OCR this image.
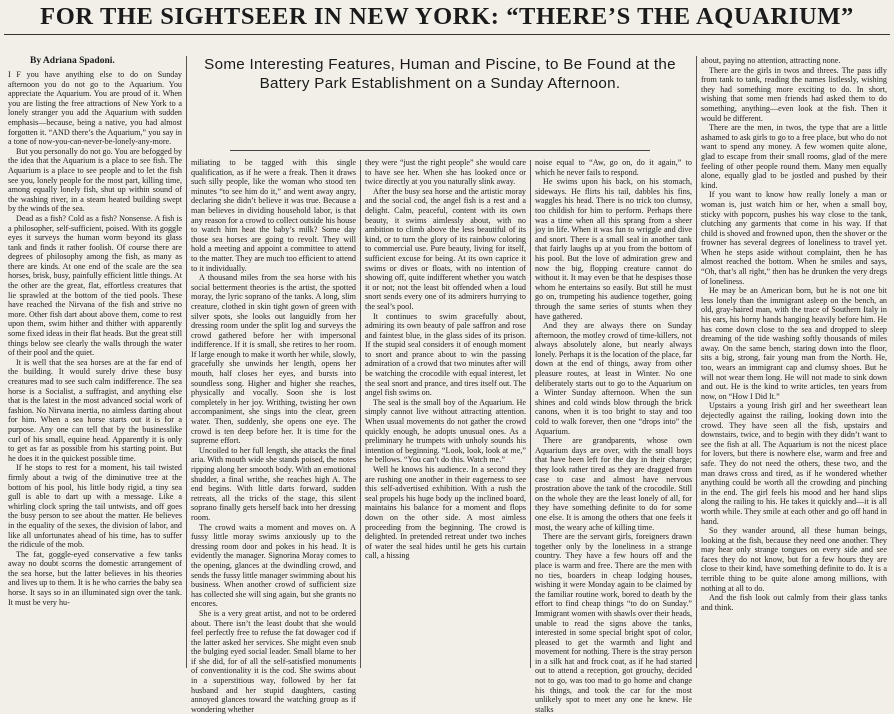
FOR THE SIGHTSEER IN NEW YORK: “THERE’S THE AQUARIUM”
By Adriana Spadoni.	Some Interesting Features, Human and Piscine, to Be Found at the Battery Park Establishment on a Sunday Afternoon.

I F you have anything else to do on Sunday afternoon you do not go to the Aquarium. You appreciate the Aquarium. You are proud of it. When you are listing the free attractions of New York to a lonely stranger you add the Aquarium with sudden emphasis—because, being a native, you had almost forgotten it. “AND there’s the Aquarium,” you say in a tone of now-you-can-never-be-lonely-any-more.

But you personally do not go. You are befogged by the idea that the Aquarium is a place to see fish. The Aquarium is a place to see people and to let the fish see you, lonely people for the most part, killing time, among equally lonely fish, shut up within sound of the washing river, in a steam heated building swept by the winds of the sea.

Dead as a fish? Cold as a fish? Nonsense. A fish is a philosopher, self-sufficient, poised. With its goggle eyes it surveys the human worm beyond its glass tank and finds it rather foolish. Of course there are degrees of philosophy among the fish, as many as there are kinds. At one end of the scale are the sea horses, brisk, busy, painfully efficient little things. At the other are the great, flat, effortless creatures that lie sprawled at the bottom of the tied pools. These have reached the Nirvana of the fish and strive no more. Other fish dart about above them, come to rest upon them, swim hither and thither with apparently some fixed ideas in their flat heads. But the great still things below see clearly the walls through the water of their pool and the quiet.

It is well that the sea horses are at the far end of the building. It would surely drive these busy creatures mad to see such calm indifference. The sea horse is a Socialist, a suffragist, and anything else that is the latest in the most advanced social work of fashion. No Nirvana inertia, no aimless darting about for him. When a sea horse starts out it is for a purpose. Any one can tell that by the businesslike curl of his small, equine head. Apparently it is only to get as far as possible from his starting point. But he does it in the quickest possible time.

If he stops to rest for a moment, his tail twisted firmly about a twig of the diminutive tree at the bottom of his pool, his little body rigid, a tiny sea gull is able to dart up with a message. Like a whirling clock spring the tail untwists, and off goes the busy person to see about the matter. He believes in the equality of the sexes, the division of labor, and like all unfortunates ahead of his time, has to suffer the ridicule of the mob.

The fat, goggle-eyed conservative a few tanks away no doubt scorns the domestic arrangement of the sea horse, but the latter believes in his theories and lives up to them. It is he who carries the baby sea horse. It says so in an illuminated sign over the tank. It must be very hu-

miliating to be tagged with this single qualification, as if he were a freak. Then it draws such silly people, like the woman who stood ten minutes “to see him do it,” and went away angry, declaring she didn’t believe it was true. Because a man believes in dividing household labor, is that any reason for a crowd to collect outside his house to watch him heat the baby’s milk? Some day those sea horses are going to revolt. They will hold a meeting and appoint a committee to attend to the matter. They are much too efficient to attend to it individually.

A thousand miles from the sea horse with his social betterment theories is the artist, the spotted moray, the lyric soprano of the tanks. A long, slim creature, clothed in skin tight gown of green with silver spots, she looks out languidly from her dressing room under the split log and surveys the crowd gathered before her with impersonal indifference. If it is small, she retires to her room. If large enough to make it worth her while, slowly, gracefully she unwinds her length, opens her mouth, half closes her eyes, and bursts into soundless song. Higher and higher she reaches, physically and vocally. Soon she is lost completely in her joy. Writhing, twisting her own accompaniment, she sings into the clear, green water. Then, suddenly, she opens one eye. The crowd is ten deep before her. It is time for the supreme effort.

Uncoiled to her full length, she attacks the final aria. With mouth wide she stands poised, the notes ripping along her smooth body. With an emotional shudder, a final writhe, she reaches high A. The end begins. With little darts forward, sudden retreats, all the tricks of the stage, this silent soprano finally gets herself back into her dressing room.

The crowd waits a moment and moves on. A fussy little moray swims anxiously up to the dressing room door and pokes in his head. It is evidently the manager. Signorina Moray comes to the opening, glances at the dwindling crowd, and sends the fussy little manager swimming about his business. When another crowd of sufficient size has collected she will sing again, but she grants no encores.

She is a very great artist, and not to be ordered about. There isn’t the least doubt that she would feel perfectly free to refuse the fat dowager cod if the latter asked her services. She might even snub the bulging eyed social leader. Small blame to her if she did, for of all the self-satisfied monuments of conventionality it is the cod. She swims about in a superstitious way, followed by her fat husband and her stupid daughters, casting annoyed glances toward the watching group as if wondering whether

they were “just the right people” she would care to have see her. When she has looked once or twice directly at you you naturally slink away.

After the busy sea horse and the artistic moray and the social cod, the angel fish is a rest and a delight. Calm, peaceful, content with its own beauty, it swims aimlessly about, with no ambition to climb above the less beautiful of its kind, or to turn the glory of its rainbow coloring to commercial use. Pure beauty, living for itself, sufficient excuse for being. At its own caprice it swims or dives or floats, with no intention of showing off, quite indifferent whether you watch it or not; not the least bit offended when a loud snort sends every one of its admirers hurrying to the seal’s pool.

It continues to swim gracefully about, admiring its own beauty of pale saffron and rose and faintest blue, in the glass sides of its prison. If the stupid seal considers it of enough moment to snort and prance about to win the passing admiration of a crowd that two minutes after will be watching the crocodile with equal interest, let the seal snort and prance, and tires itself out. The angel fish swims on.

The seal is the small boy of the Aquarium. He simply cannot live without attracting attention. When usual movements do not gather the crowd quickly enough, he adopts unusual ones. As a preliminary he trumpets with unholy sounds his intention of beginning. “Look, look, look at me,” he bellows. “You can’t do this. Watch me.”

Well he knows his audience. In a second they are rushing one another in their eagerness to see this self-advertised exhibition. With a rush the seal propels his huge body up the inclined board, maintains his balance for a moment and flops down on the other side. A most aimless proceeding from the beginning. The crowd is delighted. In pretended retreat under two inches of water the seal hides until he gets his curtain call, a hissing

noise equal to “Aw, go on, do it again,” to which he never fails to respond.

He swims upon his back, on his stomach, sideways. He flirts his tail, dabbles his fins, waggles his head. There is no trick too clumsy, too childish for him to perform. Perhaps there was a time when all this sprang from a sheer joy in life. When it was fun to wriggle and dive and snort. There is a small seal in another tank that fairly laughs up at you from the bottom of his pool. But the love of admiration grew and now the big, flopping creature cannot do without it. It may even be that he despises those whom he entertains so easily. But still he must go on, trumpeting his audience together, going through the same series of stunts when they have gathered.

And they are always there on Sunday afternoon, the motley crowd of time-killers, not always absolutely alone, but nearly always lonely. Perhaps it is the location of the place, far down at the end of things, away from other pleasure routes, at least in Winter. No one deliberately starts out to go to the Aquarium on a Winter Sunday afternoon. When the sun shines and cold winds blow through the brick canons, when it is too bright to stay and too cold to walk forever, then one “drops into” the Aquarium.

There are grandparents, whose own Aquarium days are over, with the small boys that have been left for the day in their charge; they look rather tired as they are dragged from case to case and almost have nervous prostration above the tank of the crocodile. Still on the whole they are the least lonely of all, for they have something definite to do for some one else. It is among the others that one feels it most, the weary ache of killing time.

There are the servant girls, foreigners drawn together only by the loneliness in a strange country. They have a few hours off and the place is warm and free. There are the men with no ties, boarders in cheap lodging houses, wishing it were Monday again to be claimed by the familiar routine work, bored to death by the effort to find cheap things “to do on Sunday.” Immigrant women with shawls over their heads, unable to read the signs above the tanks, interested in some special bright spot of color, pleased to get the warmth and light and movement for nothing. There is the stray person in a silk hat and frock coat, as if he had started out to attend a reception, got grouchy, decided not to go, was too mad to go home and change his things, and took the car for the most unlikely spot to meet any one he knew. He stalks

about, paying no attention, attracting none.

There are the girls in twos and threes. The pass idly from tank to tank, reading the names listlessly, wishing they had something more exciting to do. In short, wishing that some men friends had asked them to do something, anything—even look at the fish. Then it would be different.

There are the men, in twos, the type that are a little ashamed to ask girls to go to a free place, but who do not want to spend any money. A few women quite alone, glad to escape from their small rooms, glad of the mere feeling of other people round them. Many men equally alone, equally glad to be jostled and pushed by their kind.

If you want to know how really lonely a man or woman is, just watch him or her, when a small boy, sticky with popcorn, pushes his way close to the tank, clutching any garments that come in his way. If that child is shoved and frowned upon, then the shover or the frowner has several degrees of loneliness to travel yet. When he steps aside without complaint, then he has almost reached the bottom. When he smiles and says, “Oh, that’s all right,” then has he drunken the very dregs of loneliness.

He may be an American born, but he is not one bit less lonely than the immigrant asleep on the bench, an old, gray-haired man, with the trace of Southern Italy in his ears, his horny hands hanging heavily before him. He has come down close to the sea and dropped to sleep dreaming of the tide washing softly thousands of miles away. On the same bench, staring down into the floor, sits a big, strong, fair young man from the North. He, too, wears an immigrant cap and clumsy shoes. But he will not wear them long. He will not made to sink down and out. He is the kind to write articles, ten years from now, on “How I Did It.”

Upstairs a young Irish girl and her sweetheart lean dejectedly against the railing, looking down into the crowd. They have seen all the fish, upstairs and downstairs, twice, and to begin with they didn’t want to see the fish at all. The Aquarium is not the nicest place for lovers, but there is nowhere else, warm and free and safe. They do not need the others, these two, and the man draws cross and tired, as if he wondered whether anything could be worth all the crowding and pinching in the end. The girl feels his mood and her hand slips along the railing to his. He takes it quickly and—it is all worth while. They smile at each other and go off hand in hand.

So they wander around, all these human beings, looking at the fish, because they need one another. They may hear only strange tongues on every side and see faces they do not know, but for a few hours they are close to their kind, have something definite to do. It is a terrible thing to be quite alone among millions, with nothing at all to do.

And the fish look out calmly from their glass tanks and think.
